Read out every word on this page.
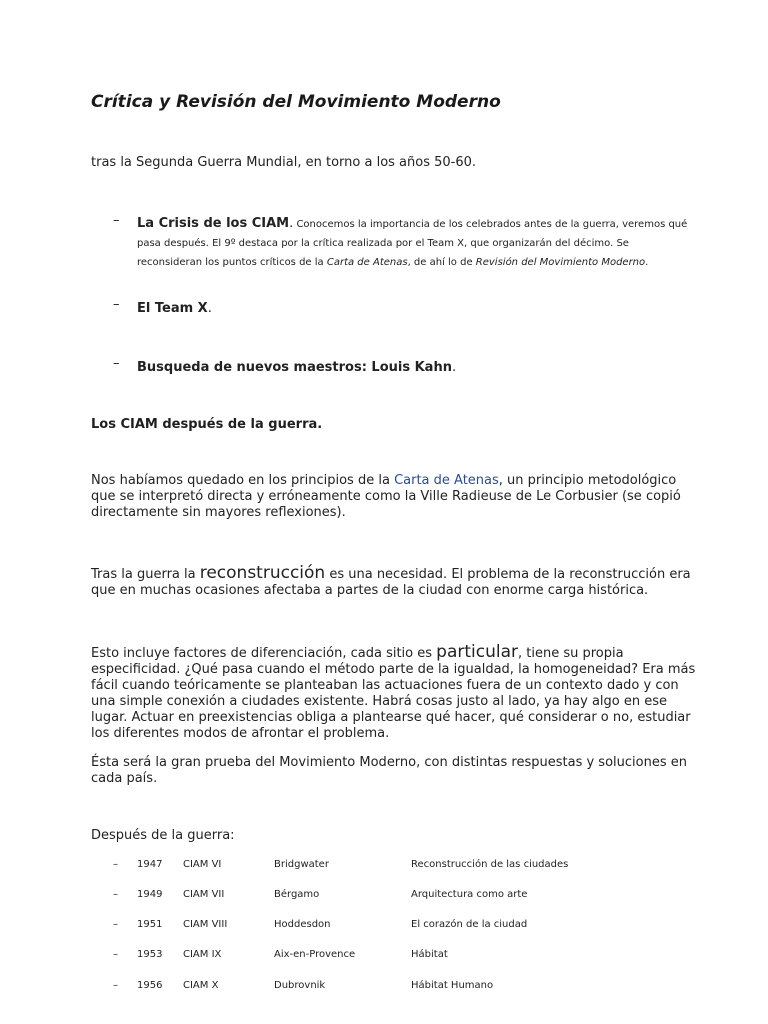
Crítica y Revisión del Movimiento Moderno

tras la Segunda Guerra Mundial, en torno a los años 50-60.

– La Crisis de los CIAM. Conocemos la importancia de los celebrados antes de la guerra, veremos qué pasa después. El 9º destaca por la crítica realizada por el Team X, que organizarán del décimo. Se reconsideran los puntos críticos de la Carta de Atenas, de ahí lo de Revisión del Movimiento Moderno.

– El Team X.

– Busqueda de nuevos maestros: Louis Kahn.

Los CIAM después de la guerra.

Nos habíamos quedado en los principios de la Carta de Atenas, un principio metodológico que se interpretó directa y erróneamente como la Ville Radieuse de Le Corbusier (se copió directamente sin mayores reflexiones).

Tras la guerra la reconstrucción es una necesidad. El problema de la reconstrucción era que en muchas ocasiones afectaba a partes de la ciudad con enorme carga histórica.

Esto incluye factores de diferenciación, cada sitio es particular, tiene su propia especificidad. ¿Qué pasa cuando el método parte de la igualdad, la homogeneidad? Era más fácil cuando teóricamente se planteaban las actuaciones fuera de un contexto dado y con una simple conexión a ciudades existente. Habrá cosas justo al lado, ya hay algo en ese lugar. Actuar en preexistencias obliga a plantearse qué hacer, qué considerar o no, estudiar los diferentes modos de afrontar el problema.

Ésta será la gran prueba del Movimiento Moderno, con distintas respuestas y soluciones en cada país.

Después de la guerra:

– 1947 CIAM VI	Bridgwater	Reconstrucción de las ciudades
– 1949 CIAM VII	Bérgamo	Arquitectura como arte
– 1951 CIAM VIII	Hoddesdon	El corazón de la ciudad
– 1953 CIAM IX	Aix-en-Provence	Hábitat
– 1956 CIAM X	Dubrovnik	Hábitat Humano
